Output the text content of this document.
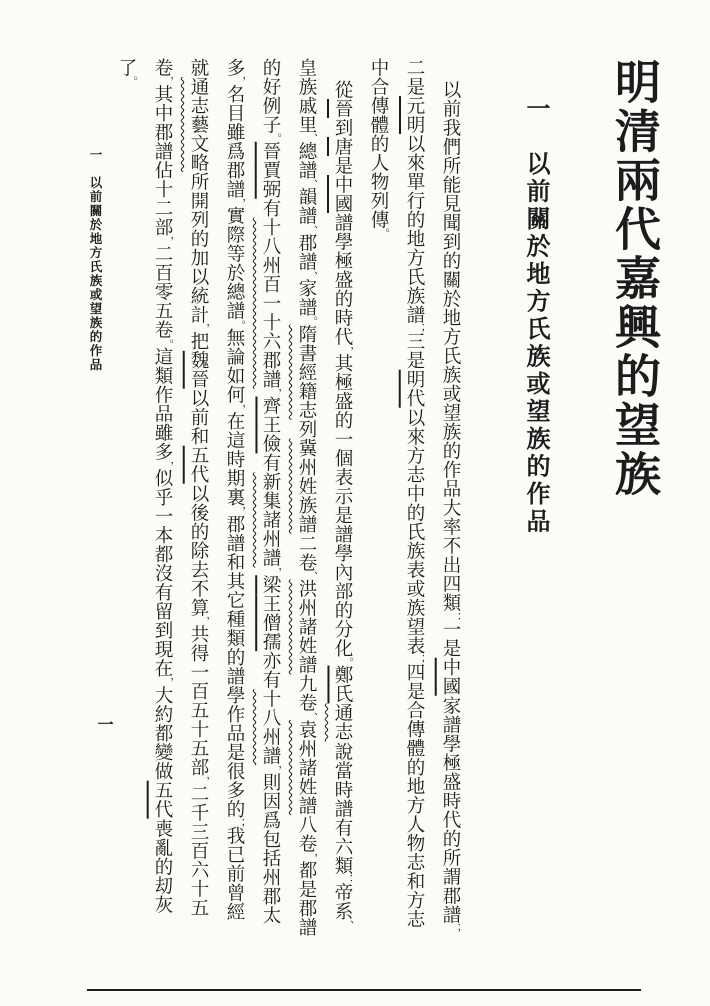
明清兩代嘉興的望族
一　以前關於地方氏族或望族的作品

以前我們所能見聞到的關於地方氏族或望族的作品大率不出四類：一是中國家譜學極盛時代的所謂郡譜；二是元明以來單行的地方氏族譜；三是明代以來方志中的氏族表或族望表；四是合傳體的地方人物志和方志中合傳體的人物列傳。

從晉到唐是中國譜學極盛的時代，其極盛的一個表示是譜學內部的分化。鄭氏通志說當時譜有六類：帝系、皇族戚里、總譜、韻譜、郡譜、家譜。隋書經籍志列冀州姓族譜二卷、洪州諸姓譜九卷、袁州諸姓譜八卷，都是郡譜的好例子。晉賈弼有十八州百一十六郡譜，齊王儉有新集諸州譜，梁王僧孺亦有十八州譜，則因爲包括州郡太多，名目雖爲郡譜，實際等於總譜。無論如何，在這時期裏，郡譜和其它種類的譜學作品是很多的；我已前曾經就通志藝文略所開列的加以統計，把魏晉以前和五代以後的除去不算，共得一百五十五部，二千三百六十五卷，其中郡譜佔十二部，二百零五卷。這類作品雖多，似乎一本都沒有留到現在，大約都變做五代喪亂的刧灰了。

一　以前關於地方氏族或望族的作品
一
